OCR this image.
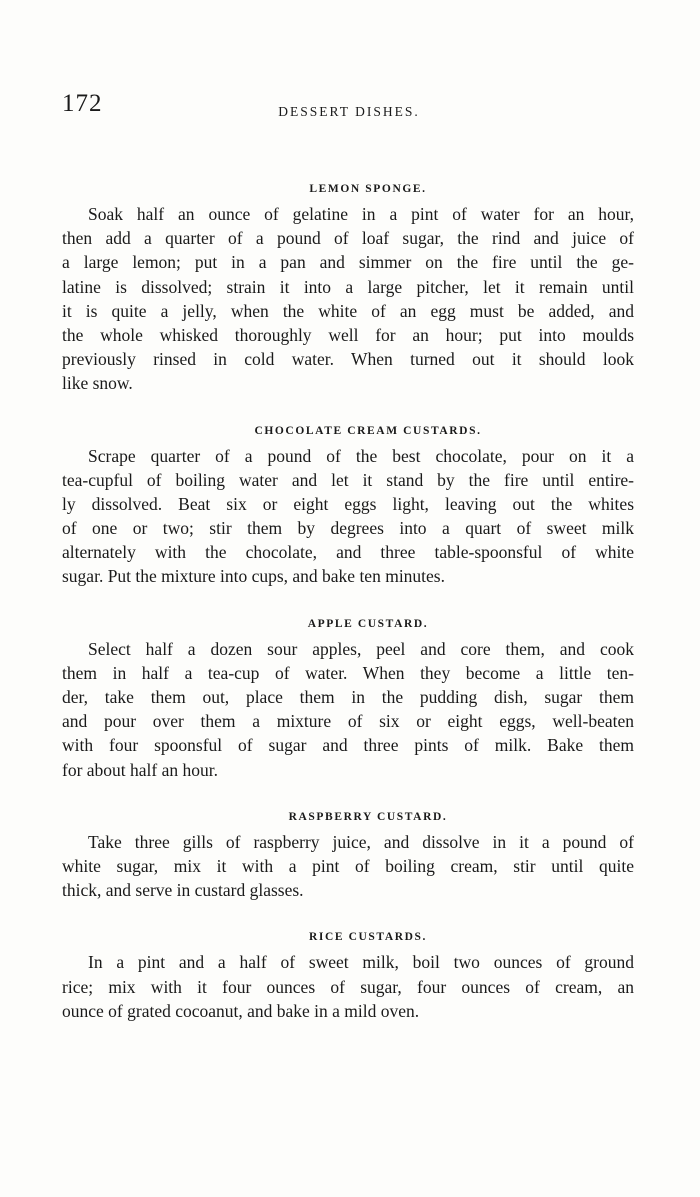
172	DESSERT DISHES.
LEMON SPONGE.

Soak half an ounce of gelatine in a pint of water for an hour,
then add a quarter of a pound of loaf sugar, the rind and juice of
a large lemon; put in a pan and simmer on the fire until the ge-
latine is dissolved; strain it into a large pitcher, let it remain until
it is quite a jelly, when the white of an egg must be added, and
the whole whisked thoroughly well for an hour; put into moulds
previously rinsed in cold water. When turned out it should look
like snow.

CHOCOLATE CREAM CUSTARDS.

Scrape quarter of a pound of the best chocolate, pour on it a
tea-cupful of boiling water and let it stand by the fire until entire-
ly dissolved. Beat six or eight eggs light, leaving out the whites
of one or two; stir them by degrees into a quart of sweet milk
alternately with the chocolate, and three table-spoonsful of white
sugar. Put the mixture into cups, and bake ten minutes.

APPLE CUSTARD.

Select half a dozen sour apples, peel and core them, and cook
them in half a tea-cup of water. When they become a little ten-
der, take them out, place them in the pudding dish, sugar them
and pour over them a mixture of six or eight eggs, well-beaten
with four spoonsful of sugar and three pints of milk. Bake them
for about half an hour.

RASPBERRY CUSTARD.

Take three gills of raspberry juice, and dissolve in it a pound of
white sugar, mix it with a pint of boiling cream, stir until quite
thick, and serve in custard glasses.

RICE CUSTARDS.

In a pint and a half of sweet milk, boil two ounces of ground
rice; mix with it four ounces of sugar, four ounces of cream, an
ounce of grated cocoanut, and bake in a mild oven.
